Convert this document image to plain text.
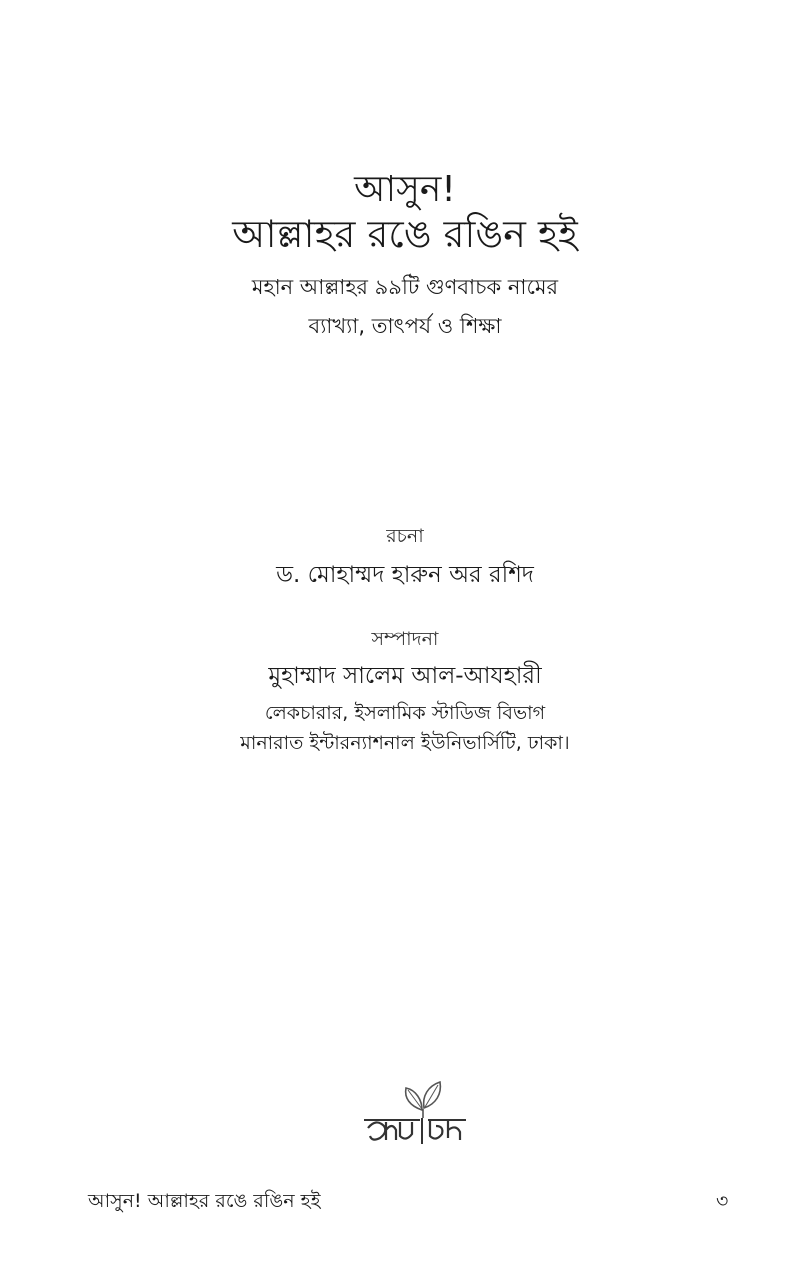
আসুন!
আল্লাহর রঙে রঙিন হই
মহান আল্লাহর ৯৯টি গুণবাচক নামের
ব্যাখ্যা, তাৎপর্য ও শিক্ষা
রচনা
ড. মোহাম্মদ হারুন অর রশিদ
সম্পাদনা
মুহাম্মাদ সালেম আল-আযহারী
লেকচারার, ইসলামিক স্টাডিজ বিভাগ
মানারাত ইন্টারন্যাশনাল ইউনিভার্সিটি, ঢাকা।
আসুন! আল্লাহর রঙে রঙিন হই	৩
